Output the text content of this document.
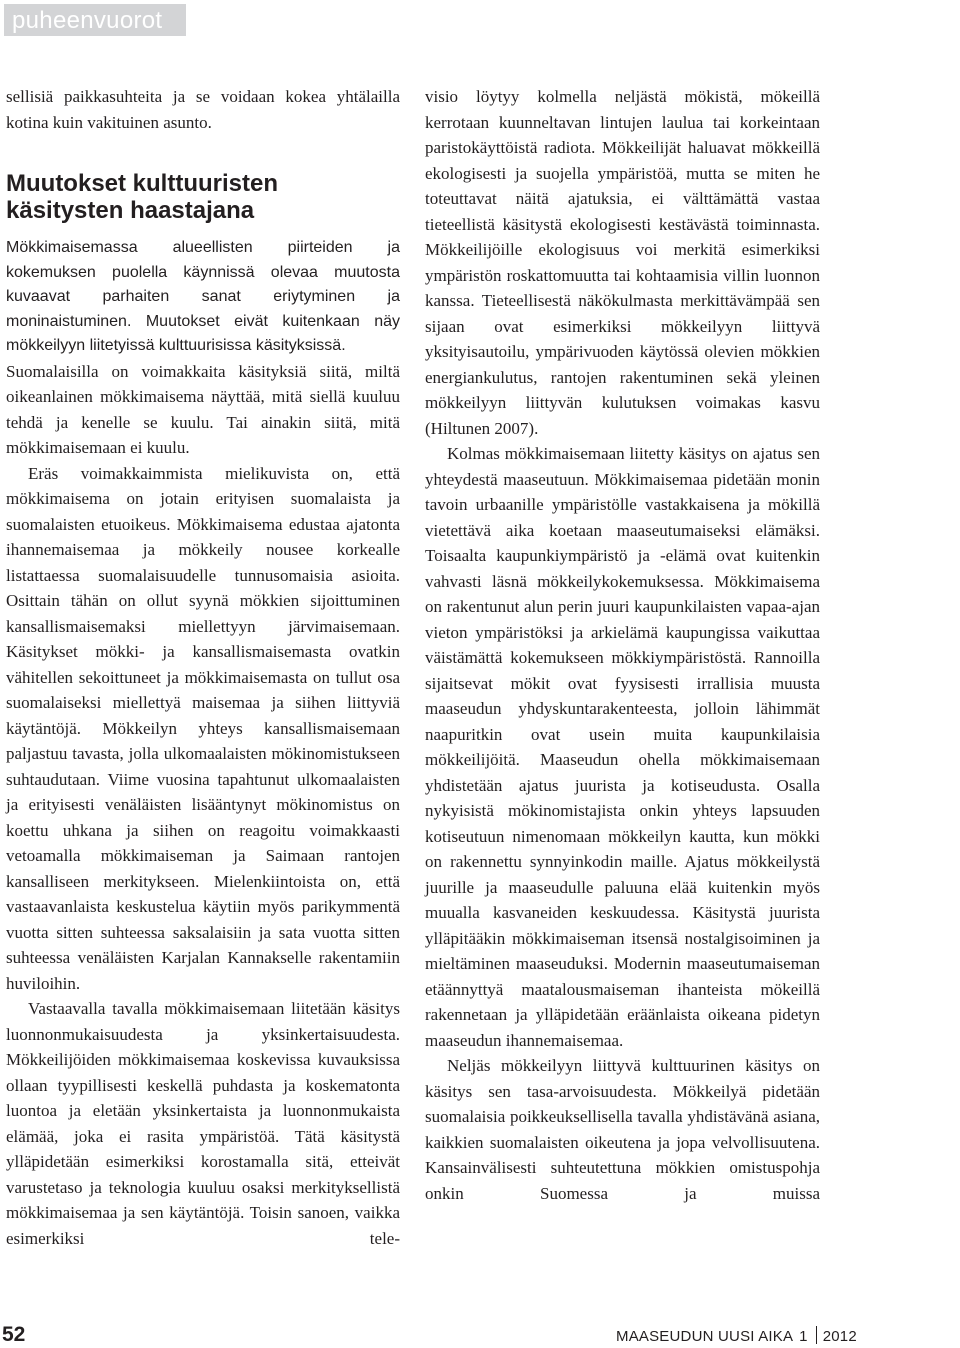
puheenvuorot

sellisiä paikkasuhteita ja se voidaan kokea yhtälailla kotina kuin vakituinen asunto.

Muutokset kulttuuristen käsitysten haastajana

Mökkimaisemassa alueellisten piirteiden ja kokemuksen puolella käynnissä olevaa muutosta kuvaavat parhaiten sanat eriytyminen ja moninaistuminen. Muutokset eivät kuitenkaan näy mökkeilyyn liitetyissä kulttuurisissa käsityksissä.

Suomalaisilla on voimakkaita käsityksiä siitä, miltä oikeanlainen mökkimaisema näyttää, mitä siellä kuuluu tehdä ja kenelle se kuulu. Tai ainakin siitä, mitä mökkimaisemaan ei kuulu.

Eräs voimakkaimmista mielikuvista on, että mökkimaisema on jotain erityisen suomalaista ja suomalaisten etuoikeus. Mökkimaisema edustaa ajatonta ihannemaisemaa ja mökkeily nousee korkealle listattaessa suomalaisuudelle tunnusomaisia asioita. Osittain tähän on ollut syynä mökkien sijoittuminen kansallismaisemaksi miellettyyn järvimaisemaan. Käsitykset mökki- ja kansallismaisemasta ovatkin vähitellen sekoittuneet ja mökkimaisemasta on tullut osa suomalaiseksi miellettyä maisemaa ja siihen liittyviä käytäntöjä. Mökkeilyn yhteys kansallismaisemaan paljastuu tavasta, jolla ulkomaalaisten mökinomistukseen suhtaudutaan. Viime vuosina tapahtunut ulkomaalaisten ja erityisesti venäläisten lisääntynyt mökinomistus on koettu uhkana ja siihen on reagoitu voimakkaasti vetoamalla mökkimaiseman ja Saimaan rantojen kansalliseen merkitykseen. Mielenkiintoista on, että vastaavanlaista keskustelua käytiin myös parikymmentä vuotta sitten suhteessa saksalaisiin ja sata vuotta sitten suhteessa venäläisten Karjalan Kannakselle rakentamiin huviloihin.

Vastaavalla tavalla mökkimaisemaan liitetään käsitys luonnonmukaisuudesta ja yksinkertaisuudesta. Mökkeilijöiden mökkimaisemaa koskevissa kuvauksissa ollaan tyypillisesti keskellä puhdasta ja koskematonta luontoa ja eletään yksinkertaista ja luonnonmukaista elämää, joka ei rasita ympäristöä. Tätä käsitystä ylläpidetään esimerkiksi korostamalla sitä, etteivät varustetaso ja teknologia kuuluu osaksi merkityksellistä mökkimaisemaa ja sen käytäntöjä. Toisin sanoen, vaikka esimerkiksi tele-

visio löytyy kolmella neljästä mökistä, mökeillä kerrotaan kuunneltavan lintujen laulua tai korkeintaan paristokäyttöistä radiota. Mökkeilijät haluavat mökkeillä ekologisesti ja suojella ympäristöä, mutta se miten he toteuttavat näitä ajatuksia, ei välttämättä vastaa tieteellistä käsitystä ekologisesti kestävästä toiminnasta. Mökkeilijöille ekologisuus voi merkitä esimerkiksi ympäristön roskattomuutta tai kohtaamisia villin luonnon kanssa. Tieteellisestä näkökulmasta merkittävämpää sen sijaan ovat esimerkiksi mökkeilyyn liittyvä yksityisautoilu, ympärivuoden käytössä olevien mökkien energiankulutus, rantojen rakentuminen sekä yleinen mökkeilyyn liittyvän kulutuksen voimakas kasvu (Hiltunen 2007).

Kolmas mökkimaisemaan liitetty käsitys on ajatus sen yhteydestä maaseutuun. Mökkimaisemaa pidetään monin tavoin urbaanille ympäristölle vastakkaisena ja mökillä vietettävä aika koetaan maaseutumaiseksi elämäksi. Toisaalta kaupunkiympäristö ja -elämä ovat kuitenkin vahvasti läsnä mökkeilykokemuksessa. Mökkimaisema on rakentunut alun perin juuri kaupunkilaisten vapaa-ajan vieton ympäristöksi ja arkielämä kaupungissa vaikuttaa väistämättä kokemukseen mökkiympäristöstä. Rannoilla sijaitsevat mökit ovat fyysisesti irrallisia muusta maaseudun yhdyskuntarakenteesta, jolloin lähimmät naapuritkin ovat usein muita kaupunkilaisia mökkeilijöitä. Maaseudun ohella mökkimaisemaan yhdistetään ajatus juurista ja kotiseudusta. Osalla nykyisistä mökinomistajista onkin yhteys lapsuuden kotiseutuun nimenomaan mökkeilyn kautta, kun mökki on rakennettu synnyinkodin maille. Ajatus mökkeilystä juurille ja maaseudulle paluuna elää kuitenkin myös muualla kasvaneiden keskuudessa. Käsitystä juurista ylläpitääkin mökkimaiseman itsensä nostalgisoiminen ja mieltäminen maaseuduksi. Modernin maaseutumaiseman etäännyttyä maatalousmaiseman ihanteista mökeillä rakennetaan ja ylläpidetään eräänlaista oikeana pidetyn maaseudun ihannemaisemaa.

Neljäs mökkeilyyn liittyvä kulttuurinen käsitys on käsitys sen tasa-arvoisuudesta. Mökkeilyä pidetään suomalaisia poikkeuksellisella tavalla yhdistävänä asiana, kaikkien suomalaisten oikeutena ja jopa velvollisuutena. Kansainvälisesti suhteutettuna mökkien omistuspohja onkin Suomessa ja muissa

52	MAASEUDUN UUSI AIKA 1 2012
